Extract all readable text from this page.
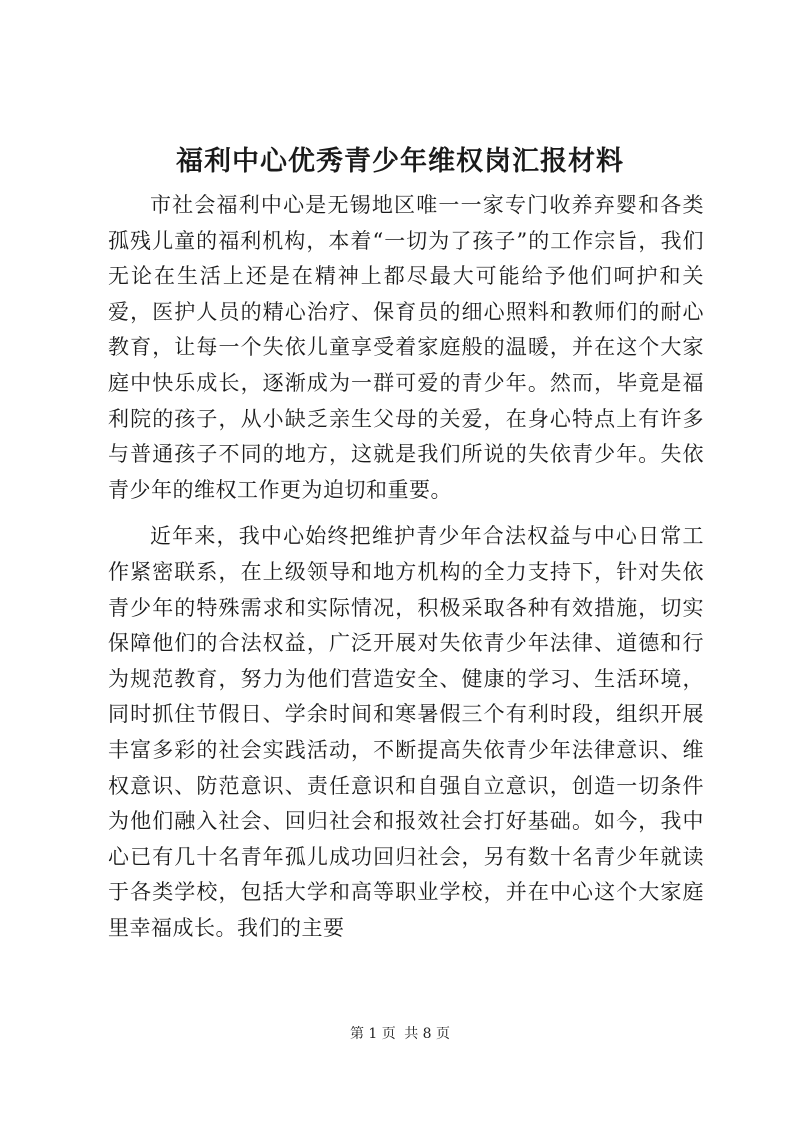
福利中心优秀青少年维权岗汇报材料

市社会福利中心是无锡地区唯一一家专门收养弃婴和各类孤残儿童的福利机构，本着“一切为了孩子”的工作宗旨，我们无论在生活上还是在精神上都尽最大可能给予他们呵护和关爱，医护人员的精心治疗、保育员的细心照料和教师们的耐心教育，让每一个失依儿童享受着家庭般的温暖，并在这个大家庭中快乐成长，逐渐成为一群可爱的青少年。然而，毕竟是福利院的孩子，从小缺乏亲生父母的关爱，在身心特点上有许多与普通孩子不同的地方，这就是我们所说的失依青少年。失依青少年的维权工作更为迫切和重要。

近年来，我中心始终把维护青少年合法权益与中心日常工作紧密联系，在上级领导和地方机构的全力支持下，针对失依青少年的特殊需求和实际情况，积极采取各种有效措施，切实保障他们的合法权益，广泛开展对失依青少年法律、道德和行为规范教育，努力为他们营造安全、健康的学习、生活环境，同时抓住节假日、学余时间和寒暑假三个有利时段，组织开展丰富多彩的社会实践活动，不断提高失依青少年法律意识、维权意识、防范意识、责任意识和自强自立意识，创造一切条件为他们融入社会、回归社会和报效社会打好基础。如今，我中心已有几十名青年孤儿成功回归社会，另有数十名青少年就读于各类学校，包括大学和高等职业学校，并在中心这个大家庭里幸福成长。我们的主要

第 1 页 共 8 页
